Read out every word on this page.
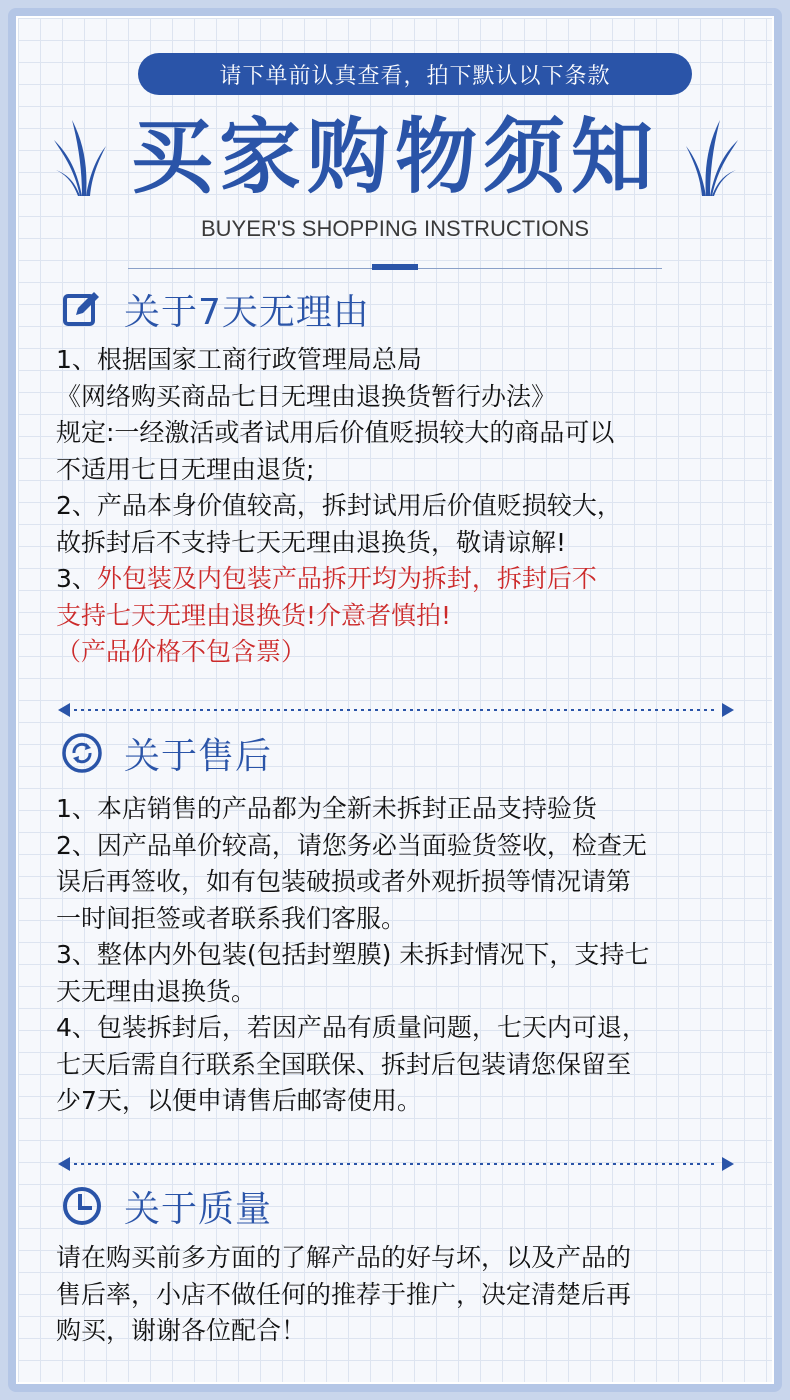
请下单前认真查看，拍下默认以下条款
买家购物须知
BUYER'S SHOPPING INSTRUCTIONS
关于7天无理由
1、根据国家工商行政管理局总局
《网络购买商品七日无理由退换货暂行办法》
规定:一经激活或者试用后价值贬损较大的商品可以
不适用七日无理由退货;
2、产品本身价值较高，拆封试用后价值贬损较大，
故拆封后不支持七天无理由退换货，敬请谅解!
3、外包装及内包装产品拆开均为拆封，拆封后不
支持七天无理由退换货!介意者慎拍!
（产品价格不包含票）
关于售后
1、本店销售的产品都为全新未拆封正品支持验货
2、因产品单价较高，请您务必当面验货签收，检查无
误后再签收，如有包装破损或者外观折损等情况请第
一时间拒签或者联系我们客服。
3、整体内外包装(包括封塑膜) 未拆封情况下，支持七
天无理由退换货。
4、包装拆封后，若因产品有质量问题，七天内可退，
七天后需自行联系全国联保、拆封后包装请您保留至
少7天，以便申请售后邮寄使用。
关于质量
请在购买前多方面的了解产品的好与坏，以及产品的
售后率，小店不做任何的推荐于推广，决定清楚后再
购买，谢谢各位配合！
